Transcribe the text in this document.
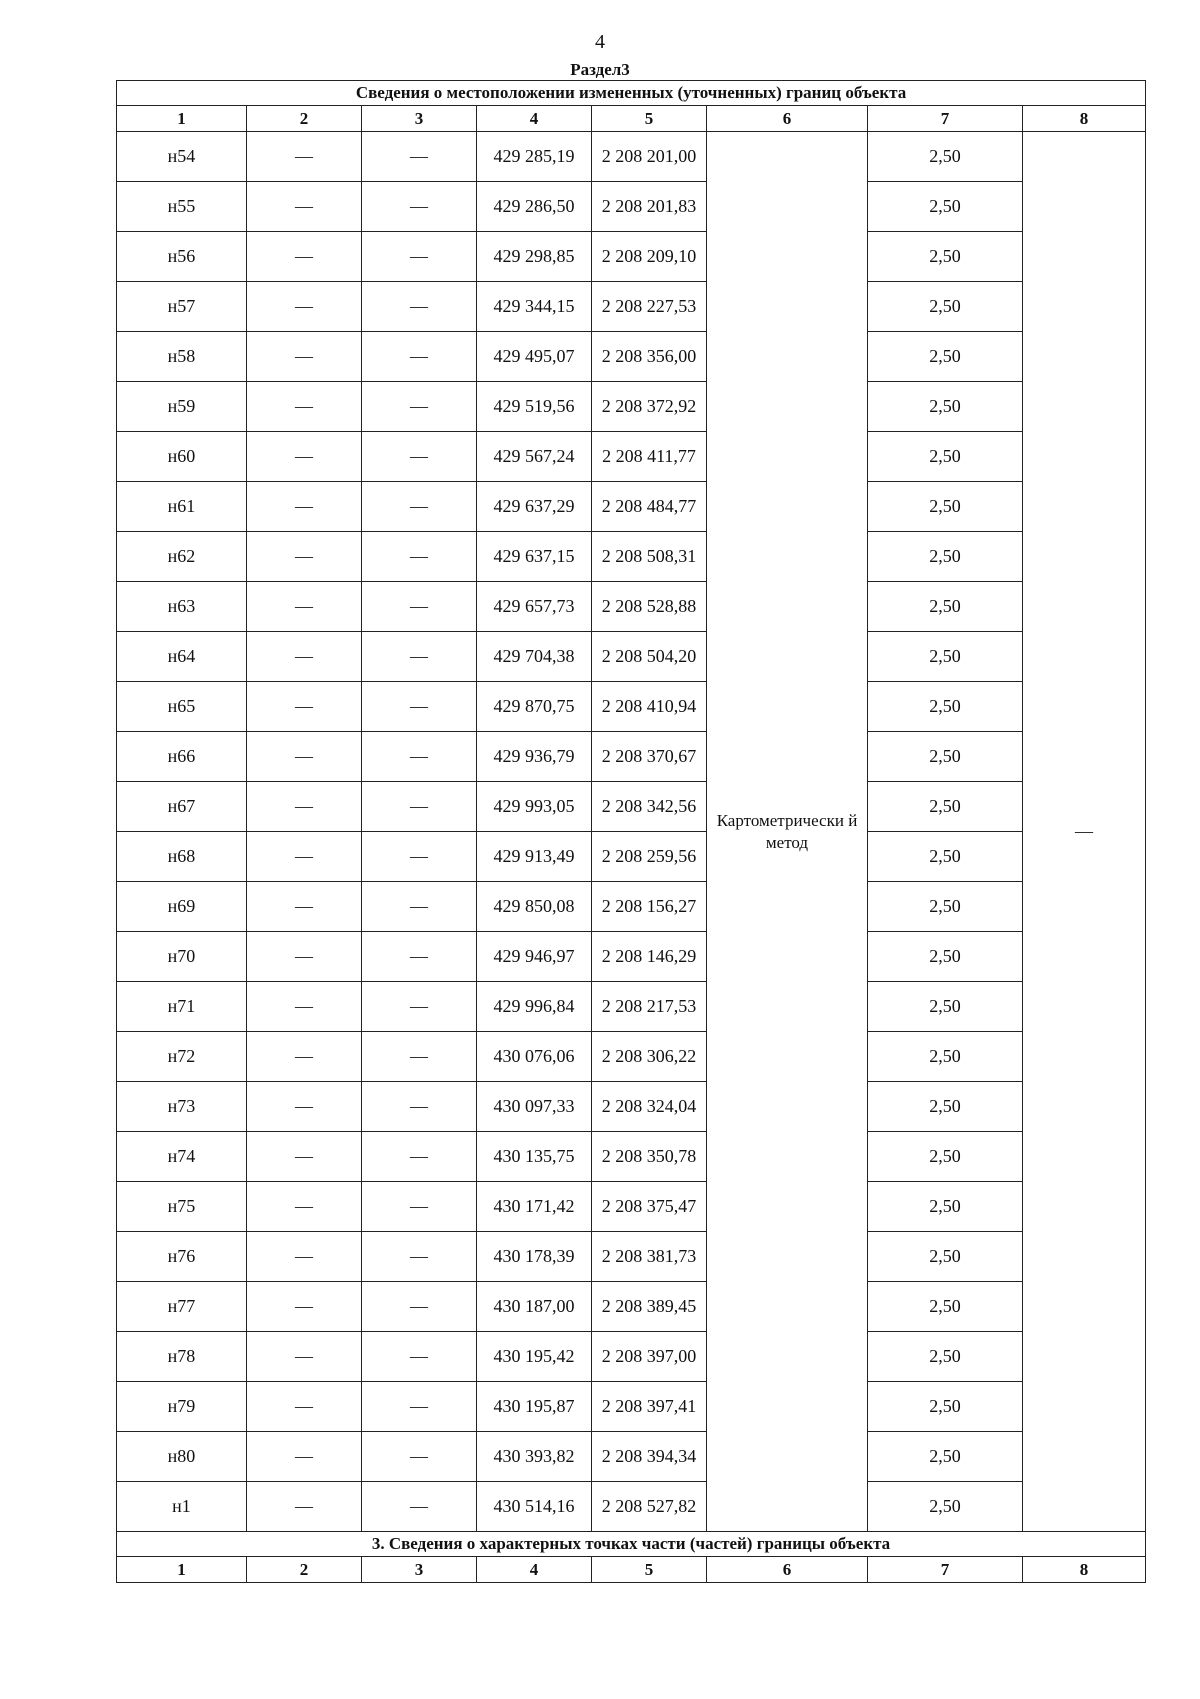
4
Раздел3
Сведения о местоположении измененных (уточненных) границ объекта							
1	2	3	4	5	6	7	8
н54	—	—	429 285,19	2 208 201,00	Картометрически й метод	2,50	—
н55	—	—	429 286,50	2 208 201,83		2,50	
н56	—	—	429 298,85	2 208 209,10		2,50	
н57	—	—	429 344,15	2 208 227,53		2,50	
н58	—	—	429 495,07	2 208 356,00		2,50	
н59	—	—	429 519,56	2 208 372,92		2,50	
н60	—	—	429 567,24	2 208 411,77		2,50	
н61	—	—	429 637,29	2 208 484,77		2,50	
н62	—	—	429 637,15	2 208 508,31		2,50	
н63	—	—	429 657,73	2 208 528,88		2,50	
н64	—	—	429 704,38	2 208 504,20		2,50	
н65	—	—	429 870,75	2 208 410,94		2,50	
н66	—	—	429 936,79	2 208 370,67		2,50	
н67	—	—	429 993,05	2 208 342,56		2,50	
н68	—	—	429 913,49	2 208 259,56		2,50	
н69	—	—	429 850,08	2 208 156,27		2,50	
н70	—	—	429 946,97	2 208 146,29		2,50	
н71	—	—	429 996,84	2 208 217,53		2,50	
н72	—	—	430 076,06	2 208 306,22		2,50	
н73	—	—	430 097,33	2 208 324,04		2,50	
н74	—	—	430 135,75	2 208 350,78		2,50	
н75	—	—	430 171,42	2 208 375,47		2,50	
н76	—	—	430 178,39	2 208 381,73		2,50	
н77	—	—	430 187,00	2 208 389,45		2,50	
н78	—	—	430 195,42	2 208 397,00		2,50	
н79	—	—	430 195,87	2 208 397,41		2,50	
н80	—	—	430 393,82	2 208 394,34		2,50	
н1	—	—	430 514,16	2 208 527,82		2,50	
3. Сведения о характерных точках части (частей) границы объекта							
1	2	3	4	5	6	7	8
